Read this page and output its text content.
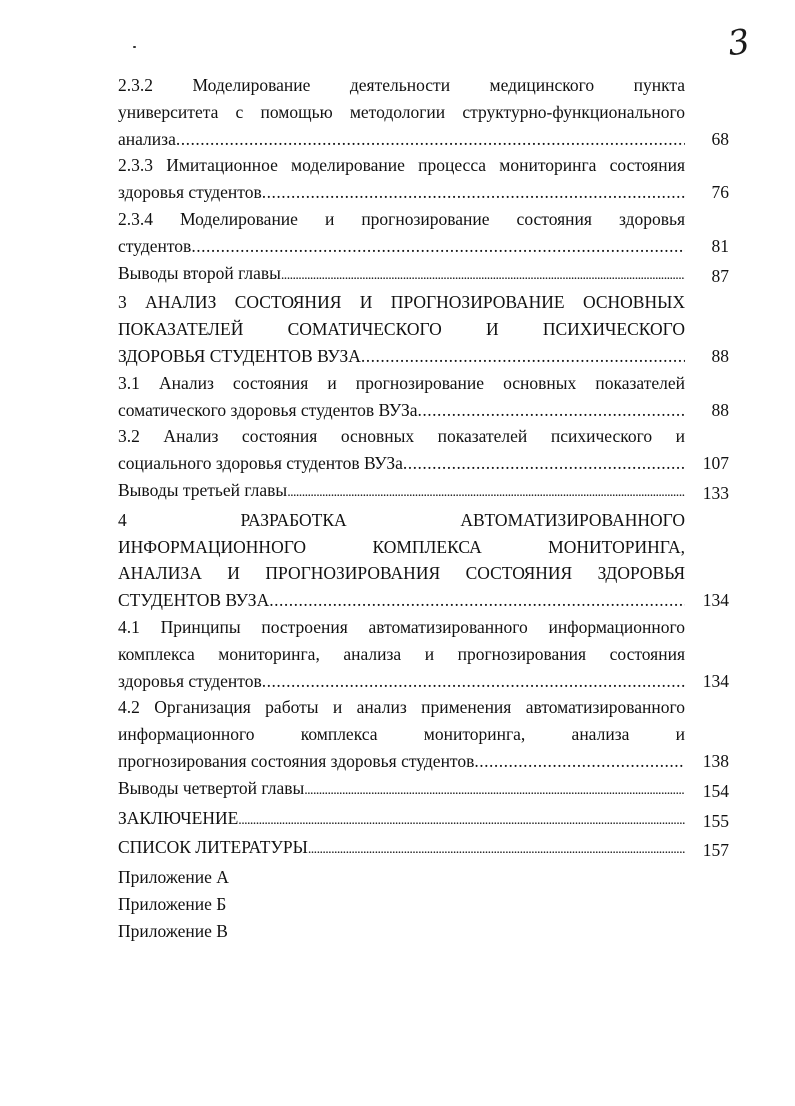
3
2.3.2 Моделирование деятельности медицинского пункта
университета с помощью методологии структурно-функционального
анализа .....	68
2.3.3 Имитационное моделирование процесса мониторинга состояния
здоровья студентов .....	76
2.3.4 Моделирование и прогнозирование состояния здоровья
студентов .....	81
Выводы второй главы .....	87
3 АНАЛИЗ СОСТОЯНИЯ И ПРОГНОЗИРОВАНИЕ ОСНОВНЫХ
ПОКАЗАТЕЛЕЙ СОМАТИЧЕСКОГО И ПСИХИЧЕСКОГО
ЗДОРОВЬЯ СТУДЕНТОВ ВУЗА .....	88
3.1 Анализ состояния и прогнозирование основных показателей
соматического здоровья студентов ВУЗа .....	88
3.2 Анализ состояния основных показателей психического и
социального здоровья студентов ВУЗа .....	107
Выводы третьей главы .....	133
4 РАЗРАБОТКА АВТОМАТИЗИРОВАННОГО
ИНФОРМАЦИОННОГО КОМПЛЕКСА МОНИТОРИНГА,
АНАЛИЗА И ПРОГНОЗИРОВАНИЯ СОСТОЯНИЯ ЗДОРОВЬЯ
СТУДЕНТОВ ВУЗА .....	134
4.1 Принципы построения автоматизированного информационного
комплекса мониторинга, анализа и прогнозирования состояния
здоровья студентов .....	134
4.2 Организация работы и анализ применения автоматизированного
информационного комплекса мониторинга, анализа и
прогнозирования состояния здоровья студентов .....	138
Выводы четвертой главы .....	154
ЗАКЛЮЧЕНИЕ .....	155
СПИСОК ЛИТЕРАТУРЫ .....	157
Приложение А
Приложение Б
Приложение В
